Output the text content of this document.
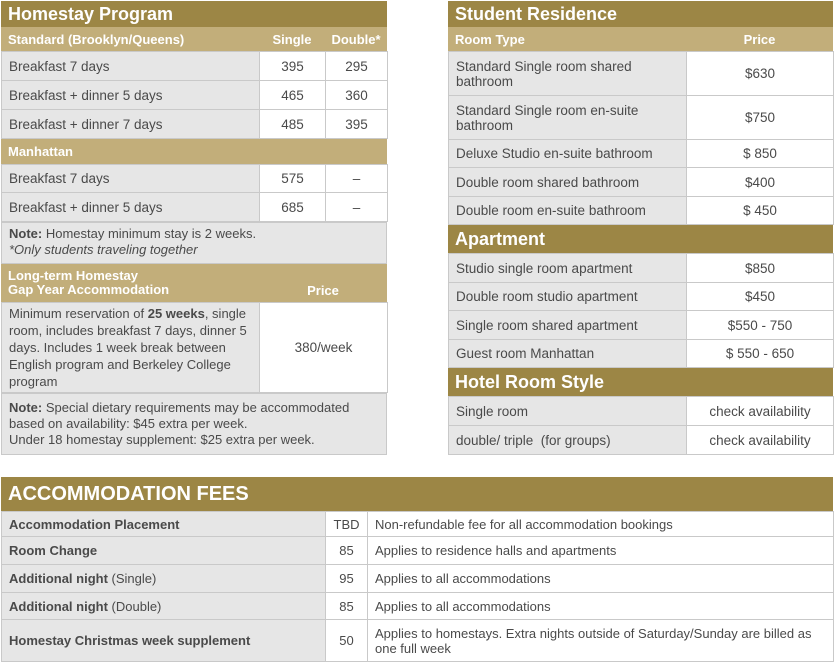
Homestay Program
Standard (Brooklyn/Queens)	Single	Double*
Breakfast 7 days	395	295
Breakfast + dinner 5 days	465	360
Breakfast + dinner 7 days	485	395
Manhattan
Breakfast 7 days	575	–
Breakfast + dinner 5 days	685	–
Note: Homestay minimum stay is 2 weeks.
*Only students traveling together
Long-term Homestay
Gap Year Accommodation	Price
Minimum reservation of 25 weeks, single room, includes breakfast 7 days, dinner 5 days. Includes 1 week break between English program and Berkeley College program	380/week
Note: Special dietary requirements may be accommodated based on availability: $45 extra per week.
Under 18 homestay supplement: $25 extra per week.
Student Residence
Room Type	Price
Standard Single room shared bathroom	$630
Standard Single room en-suite bathroom	$750
Deluxe Studio en-suite bathroom	$ 850
Double room shared bathroom	$400
Double room en-suite bathroom	$ 450
Apartment
Studio single room apartment	$850
Double room studio apartment	$450
Single room shared apartment	$550 - 750
Guest room Manhattan	$ 550 - 650
Hotel Room Style
Single room	check availability
double/ triple  (for groups)	check availability
ACCOMMODATION FEES
Accommodation Placement	TBD	Non-refundable fee for all accommodation bookings
Room Change	85	Applies to residence halls and apartments
Additional night (Single)	95	Applies to all accommodations
Additional night (Double)	85	Applies to all accommodations
Homestay Christmas week supplement	50	Applies to homestays. Extra nights outside of Saturday/Sunday are billed as one full week
